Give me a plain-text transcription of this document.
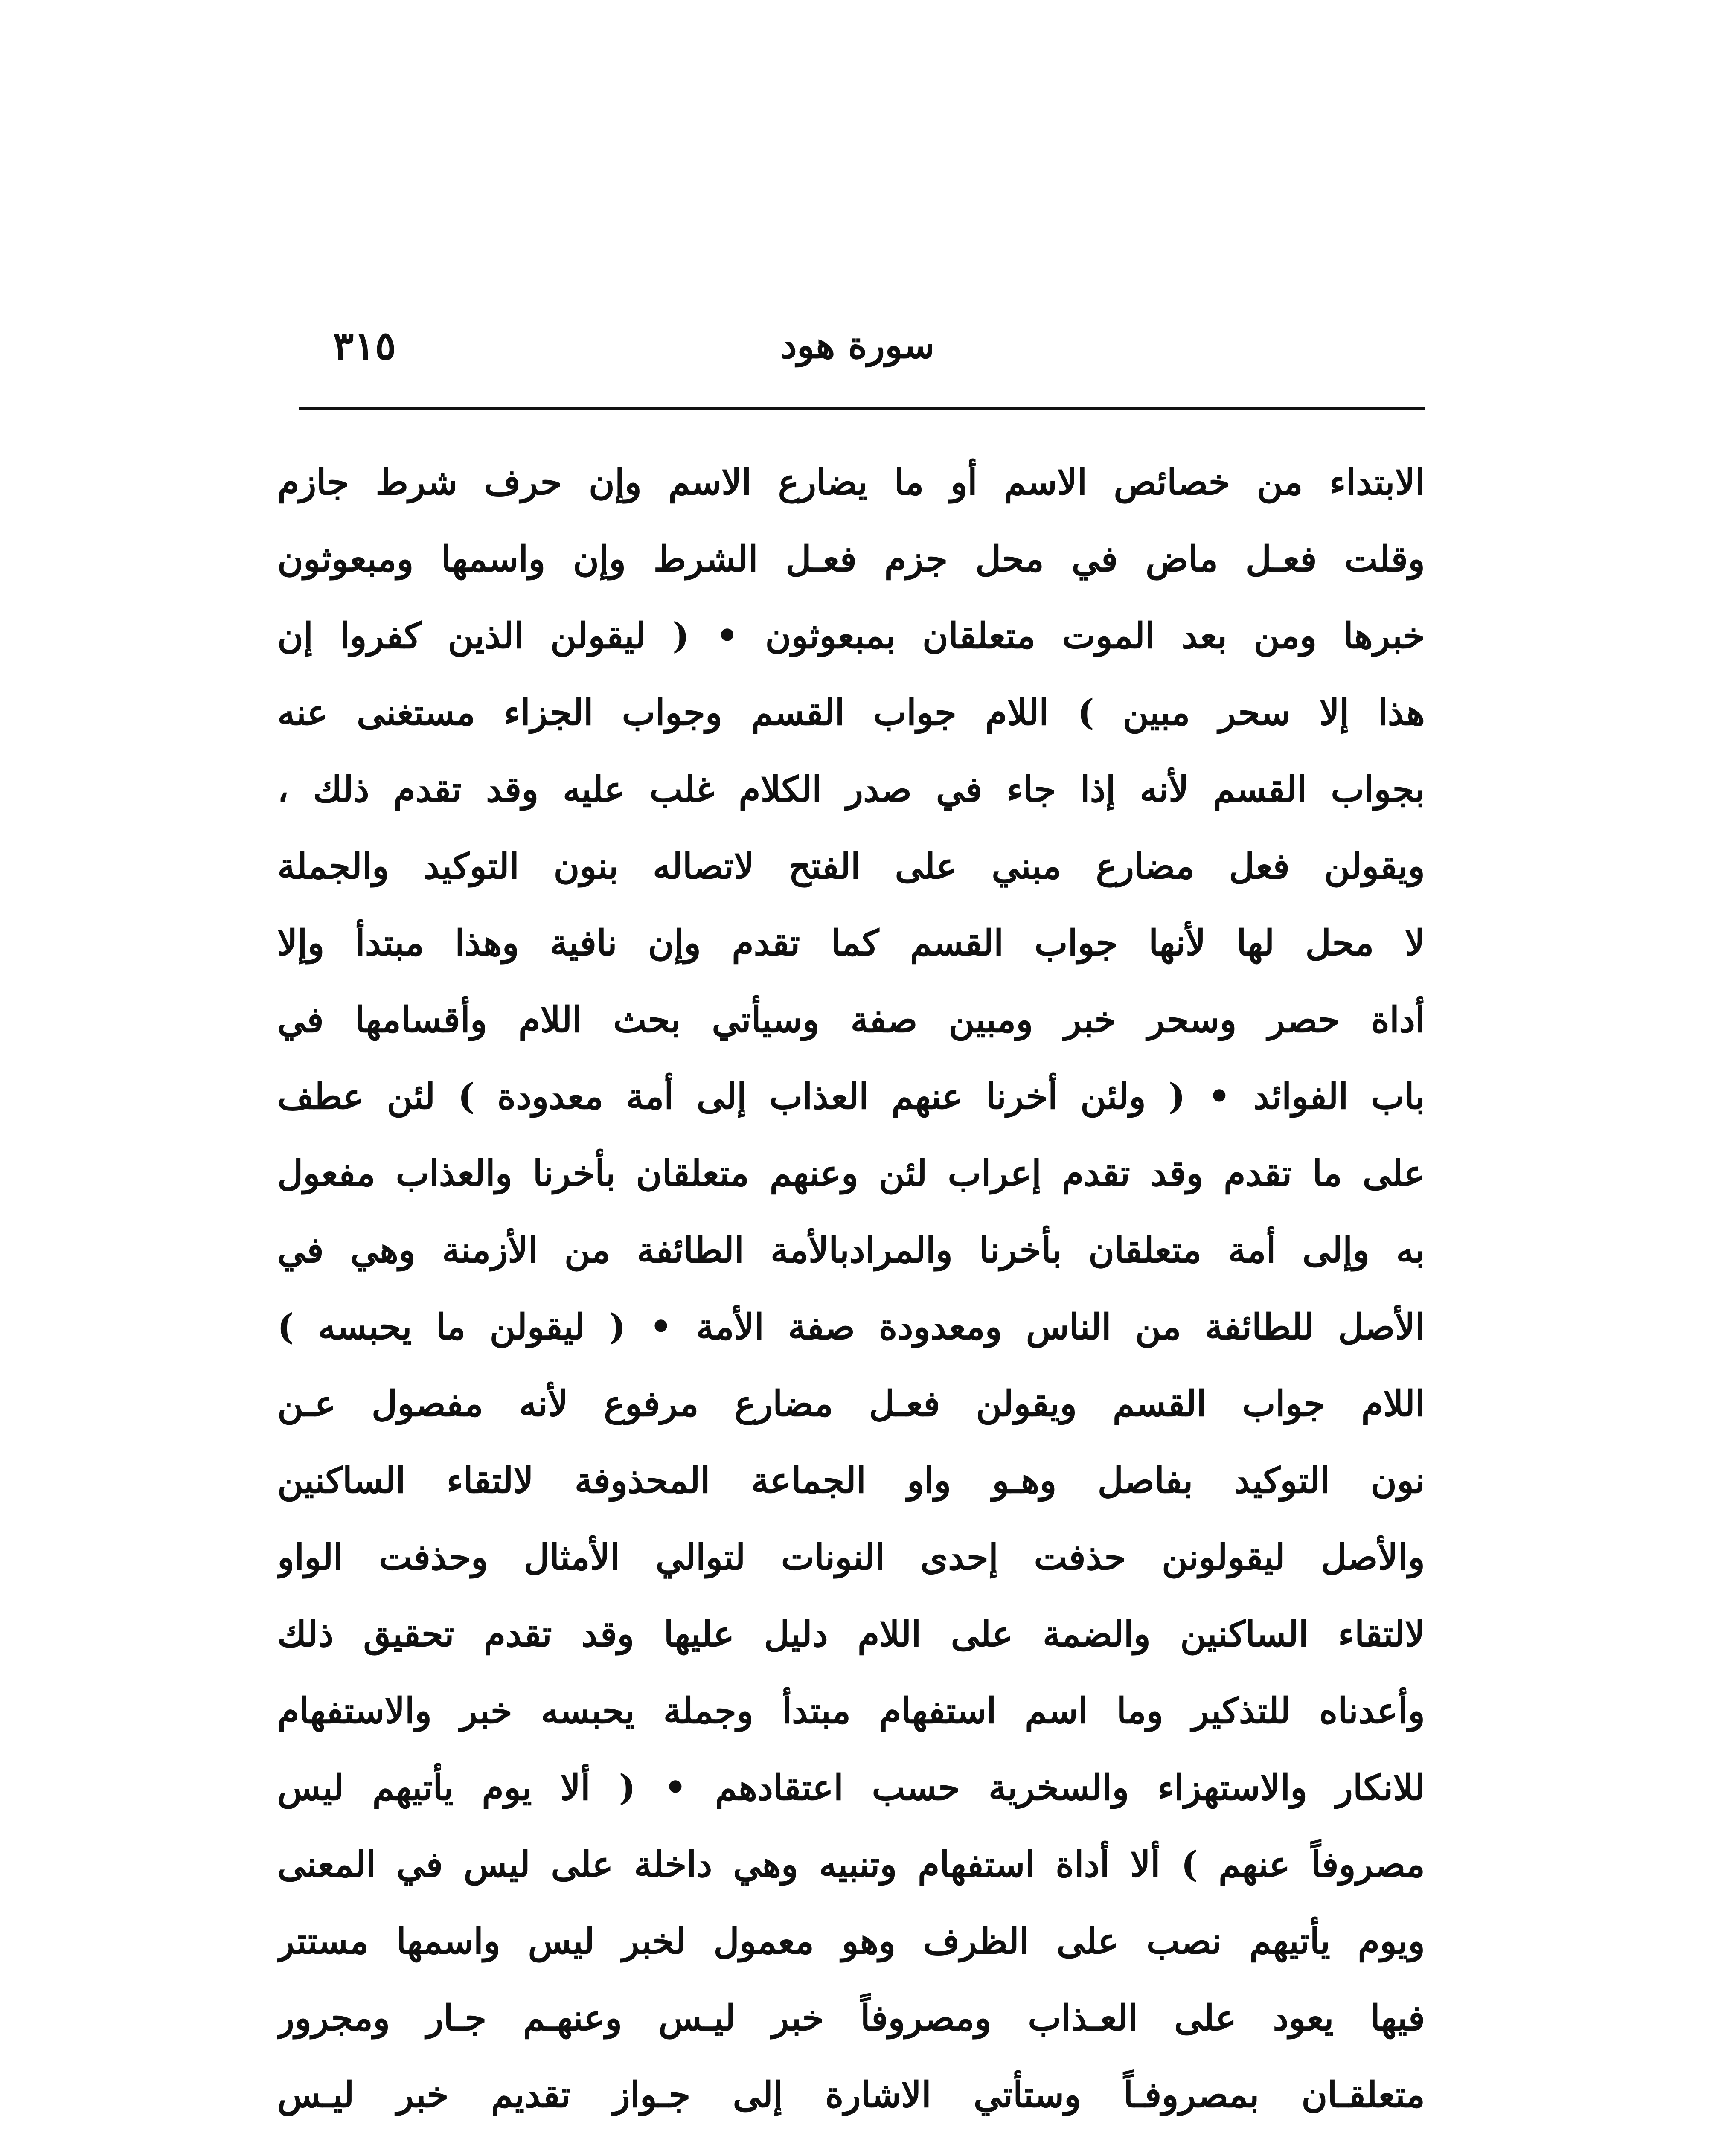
سورة هود
٣١٥
الابتداء من خصائص الاسم أو ما يضارع الاسم وإن حرف شرط جازم
وقلت فعـل ماض في محل جزم فعـل الشرط وإن واسمها ومبعوثون
خبرها ومن بعد الموت متعلقان بمبعوثون • ( ليقولن الذين كفروا إن
هذا إلا سحر مبين ) اللام جواب القسم وجواب الجزاء مستغنى عنه
بجواب القسم لأنه إذا جاء في صدر الكلام غلب عليه وقد تقدم ذلك ،
ويقولن فعل مضارع مبني على الفتح لاتصاله بنون التوكيد والجملة
لا محل لها لأنها جواب القسم كما تقدم وإن نافية وهذا مبتدأ وإلا
أداة حصر وسحر خبر ومبين صفة وسيأتي بحث اللام وأقسامها في
باب الفوائد • ( ولئن أخرنا عنهم العذاب إلى أمة معدودة ) لئن عطف
على ما تقدم وقد تقدم إعراب لئن وعنهم متعلقان بأخرنا والعذاب مفعول
به وإلى أمة متعلقان بأخرنا والمرادبالأمة الطائفة من الأزمنة وهي في
الأصل للطائفة من الناس ومعدودة صفة الأمة • ( ليقولن ما يحبسه )
اللام جواب القسم ويقولن فعـل مضارع مرفوع لأنه مفصول عـن
نون التوكيد بفاصل وهـو واو الجماعة المحذوفة لالتقاء الساكنين
والأصل ليقولونن حذفت إحدى النونات لتوالي الأمثال وحذفت الواو
لالتقاء الساكنين والضمة على اللام دليل عليها وقد تقدم تحقيق ذلك
وأعدناه للتذكير وما اسم استفهام مبتدأ وجملة يحبسه خبر والاستفهام
للانكار والاستهزاء والسخرية حسب اعتقادهم • ( ألا يوم يأتيهم ليس
مصروفاً عنهم ) ألا أداة استفهام وتنبيه وهي داخلة على ليس في المعنى
ويوم يأتيهم نصب على الظرف وهو معمول لخبر ليس واسمها مستتر
فيها يعود على العـذاب ومصروفاً خبر ليـس وعنهـم جـار ومجرور
متعلقـان بمصروفـاً وستأتي الاشارة إلى جـواز تقديم خبر ليـس
